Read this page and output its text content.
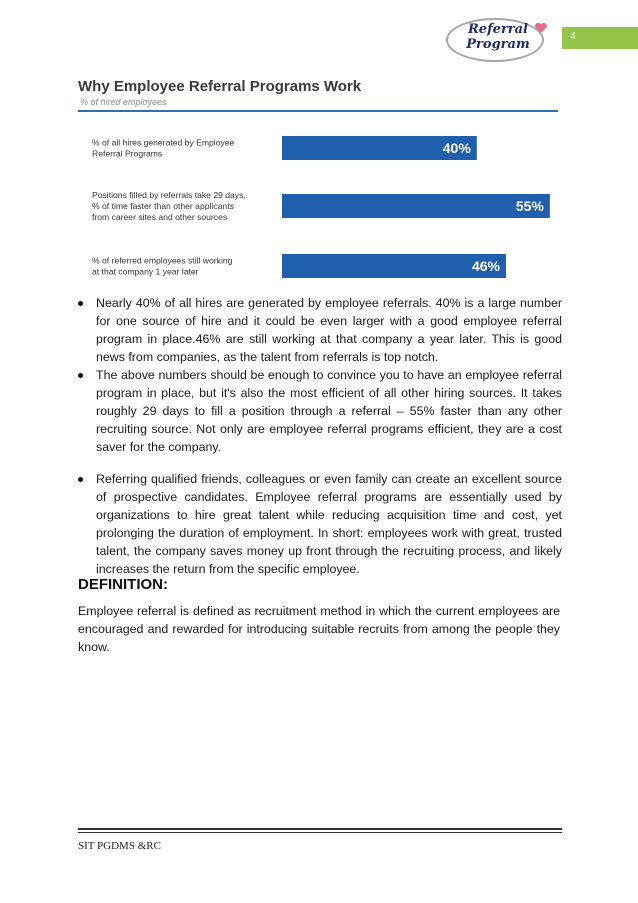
Referral
Program
4
Why Employee Referral Programs Work
% of hired employees
40%
% of all hires generated by Employee
Referral Programs
55%
Positions filled by referrals take 29 days,
% of time faster than other applicants
from career sites and other sources
46%
% of referred employees still working
at that company 1 year later
Nearly 40% of all hires are generated by employee referrals. 40% is a large number for one source of hire and it could be even larger with a good employee referral program in place.46% are still working at that company a year later. This is good news from companies, as the talent from referrals is top notch.
The above numbers should be enough to convince you to have an employee referral program in place, but it's also the most efficient of all other hiring sources. It takes roughly 29 days to fill a position through a referral – 55% faster than any other recruiting source. Not only are employee referral programs efficient, they are a cost saver for the company.
Referring qualified friends, colleagues or even family can create an excellent source of prospective candidates. Employee referral programs are essentially used by organizations to hire great talent while reducing acquisition time and cost, yet prolonging the duration of employment. In short: employees work with great, trusted talent, the company saves money up front through the recruiting process, and likely increases the return from the specific employee.
DEFINITION:

Employee referral is defined as recruitment method in which the current employees are encouraged and rewarded for introducing suitable recruits from among the people they know.

SIT PGDMS &RC
